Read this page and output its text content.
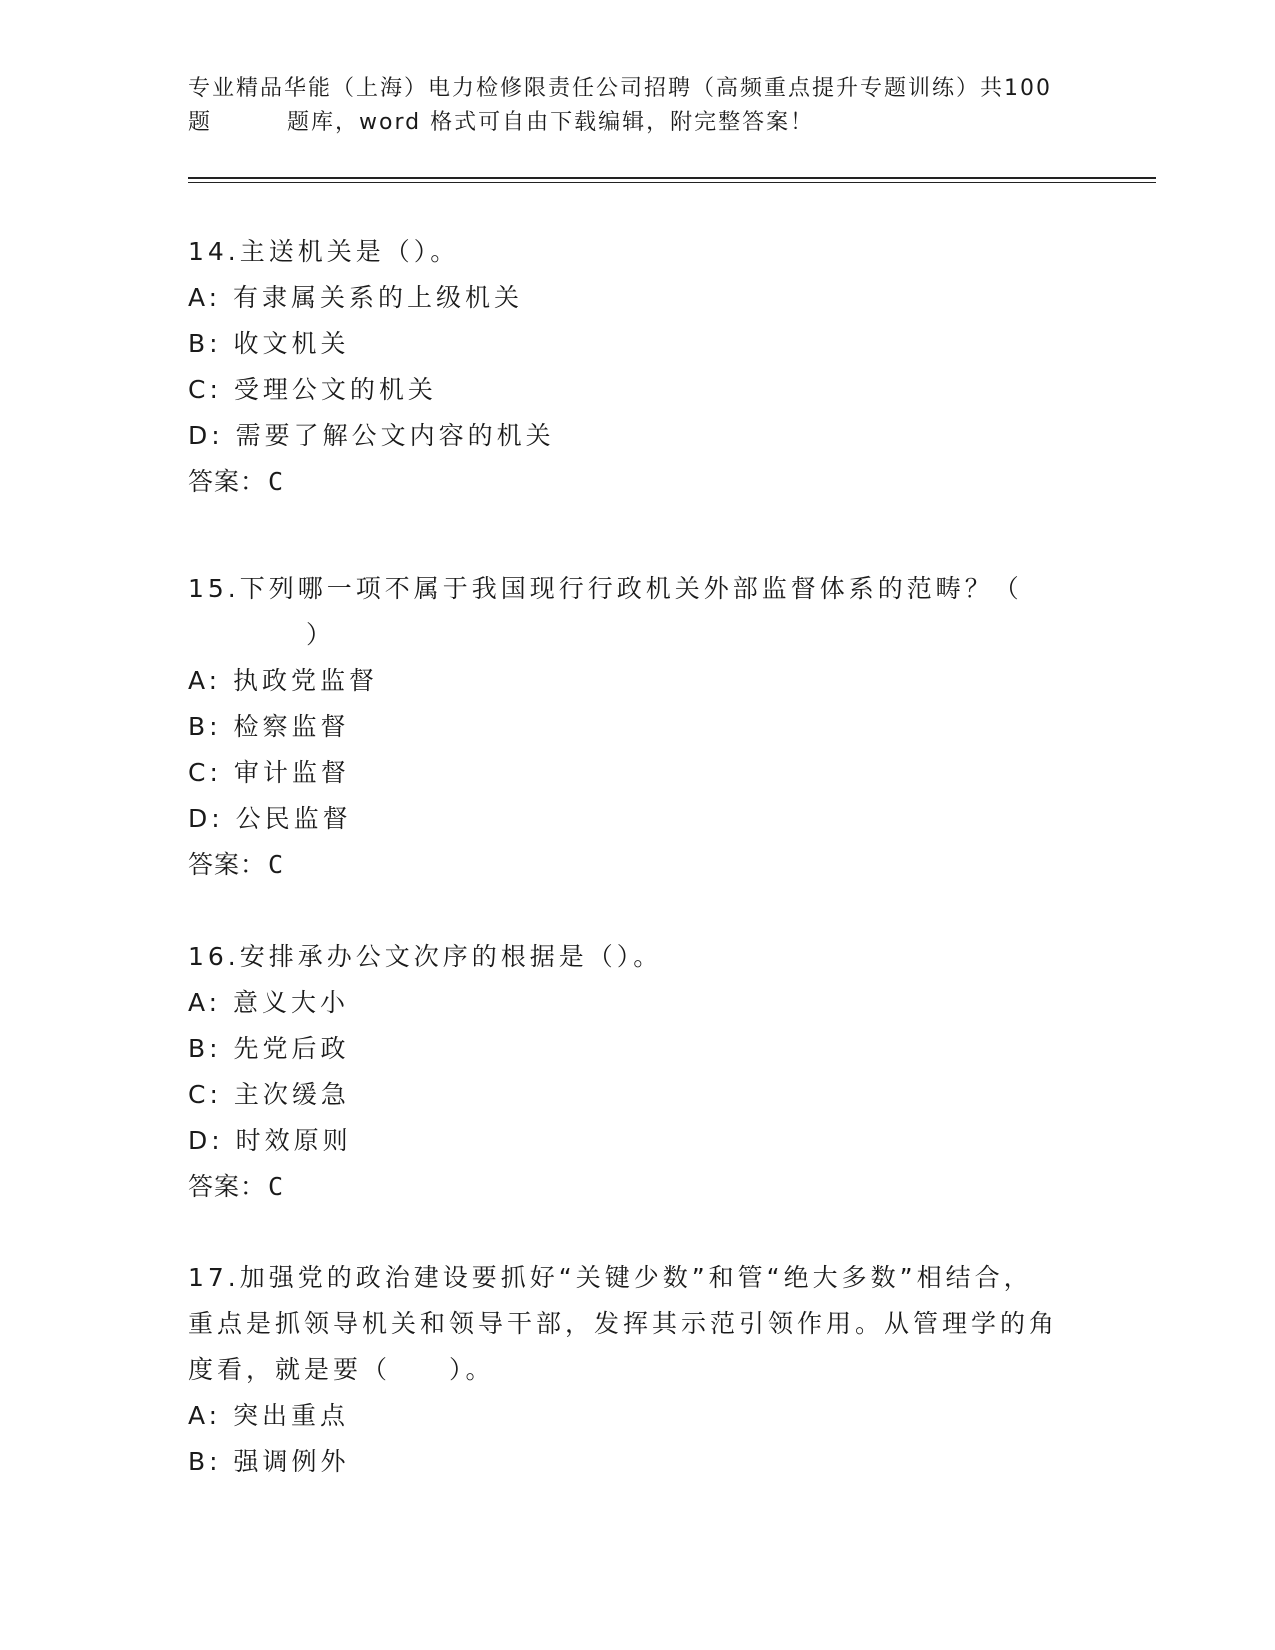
专业精品华能（上海）电力检修限责任公司招聘（高频重点提升专题训练）共100
题	题库，word 格式可自由下载编辑，附完整答案！
14.主送机关是（）。
A: 有隶属关系的上级机关
B: 收文机关
C: 受理公文的机关
D: 需要了解公文内容的机关
答案：C
15.下列哪一项不属于我国现行行政机关外部监督体系的范畴？（
）
A: 执政党监督
B: 检察监督
C: 审计监督
D: 公民监督
答案：C
16.安排承办公文次序的根据是（）。
A: 意义大小
B: 先党后政
C: 主次缓急
D: 时效原则
答案：C
17.加强党的政治建设要抓好“关键少数”和管“绝大多数”相结合，
重点是抓领导机关和领导干部，发挥其示范引领作用。从管理学的角
度看，就是要（　　）。
A: 突出重点
B: 强调例外
